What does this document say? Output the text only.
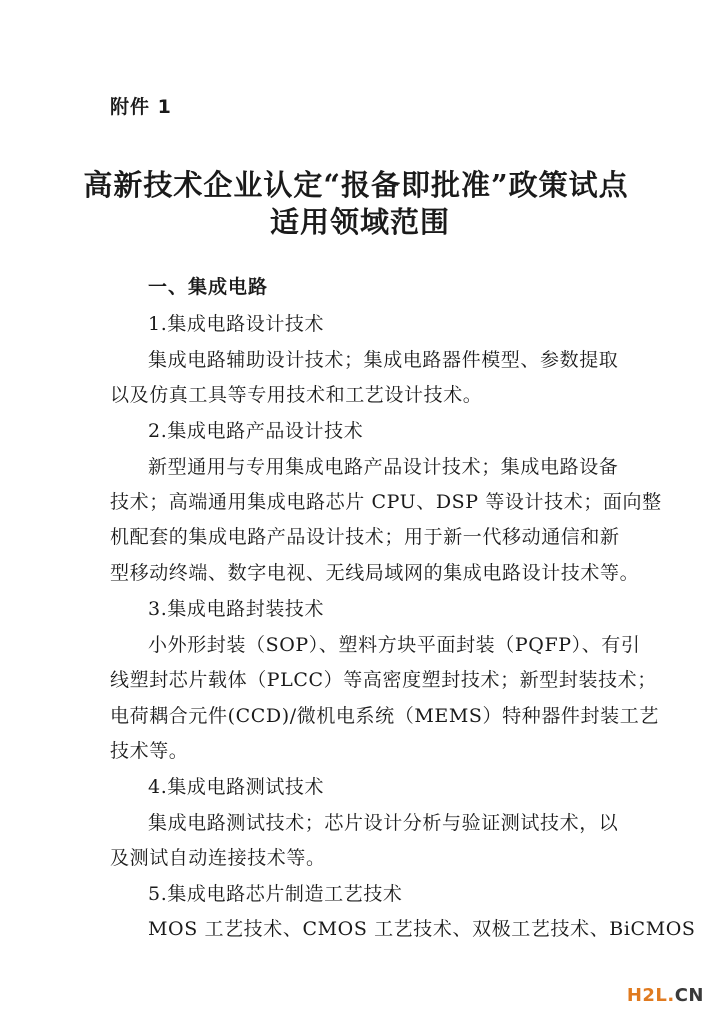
附件 1
高新技术企业认定“报备即批准”政策试点
适用领域范围
一、集成电路
1.集成电路设计技术
集成电路辅助设计技术；集成电路器件模型、参数提取
以及仿真工具等专用技术和工艺设计技术。
2.集成电路产品设计技术
新型通用与专用集成电路产品设计技术；集成电路设备
技术；高端通用集成电路芯片 CPU、DSP 等设计技术；面向整
机配套的集成电路产品设计技术；用于新一代移动通信和新
型移动终端、数字电视、无线局域网的集成电路设计技术等。
3.集成电路封装技术
小外形封装（SOP）、塑料方块平面封装（PQFP）、有引
线塑封芯片载体（PLCC）等高密度塑封技术；新型封装技术；
电荷耦合元件(CCD)/微机电系统（MEMS）特种器件封装工艺
技术等。
4.集成电路测试技术
集成电路测试技术；芯片设计分析与验证测试技术，以
及测试自动连接技术等。
5.集成电路芯片制造工艺技术
MOS 工艺技术、CMOS 工艺技术、双极工艺技术、BiCMOS
H2L.CN
